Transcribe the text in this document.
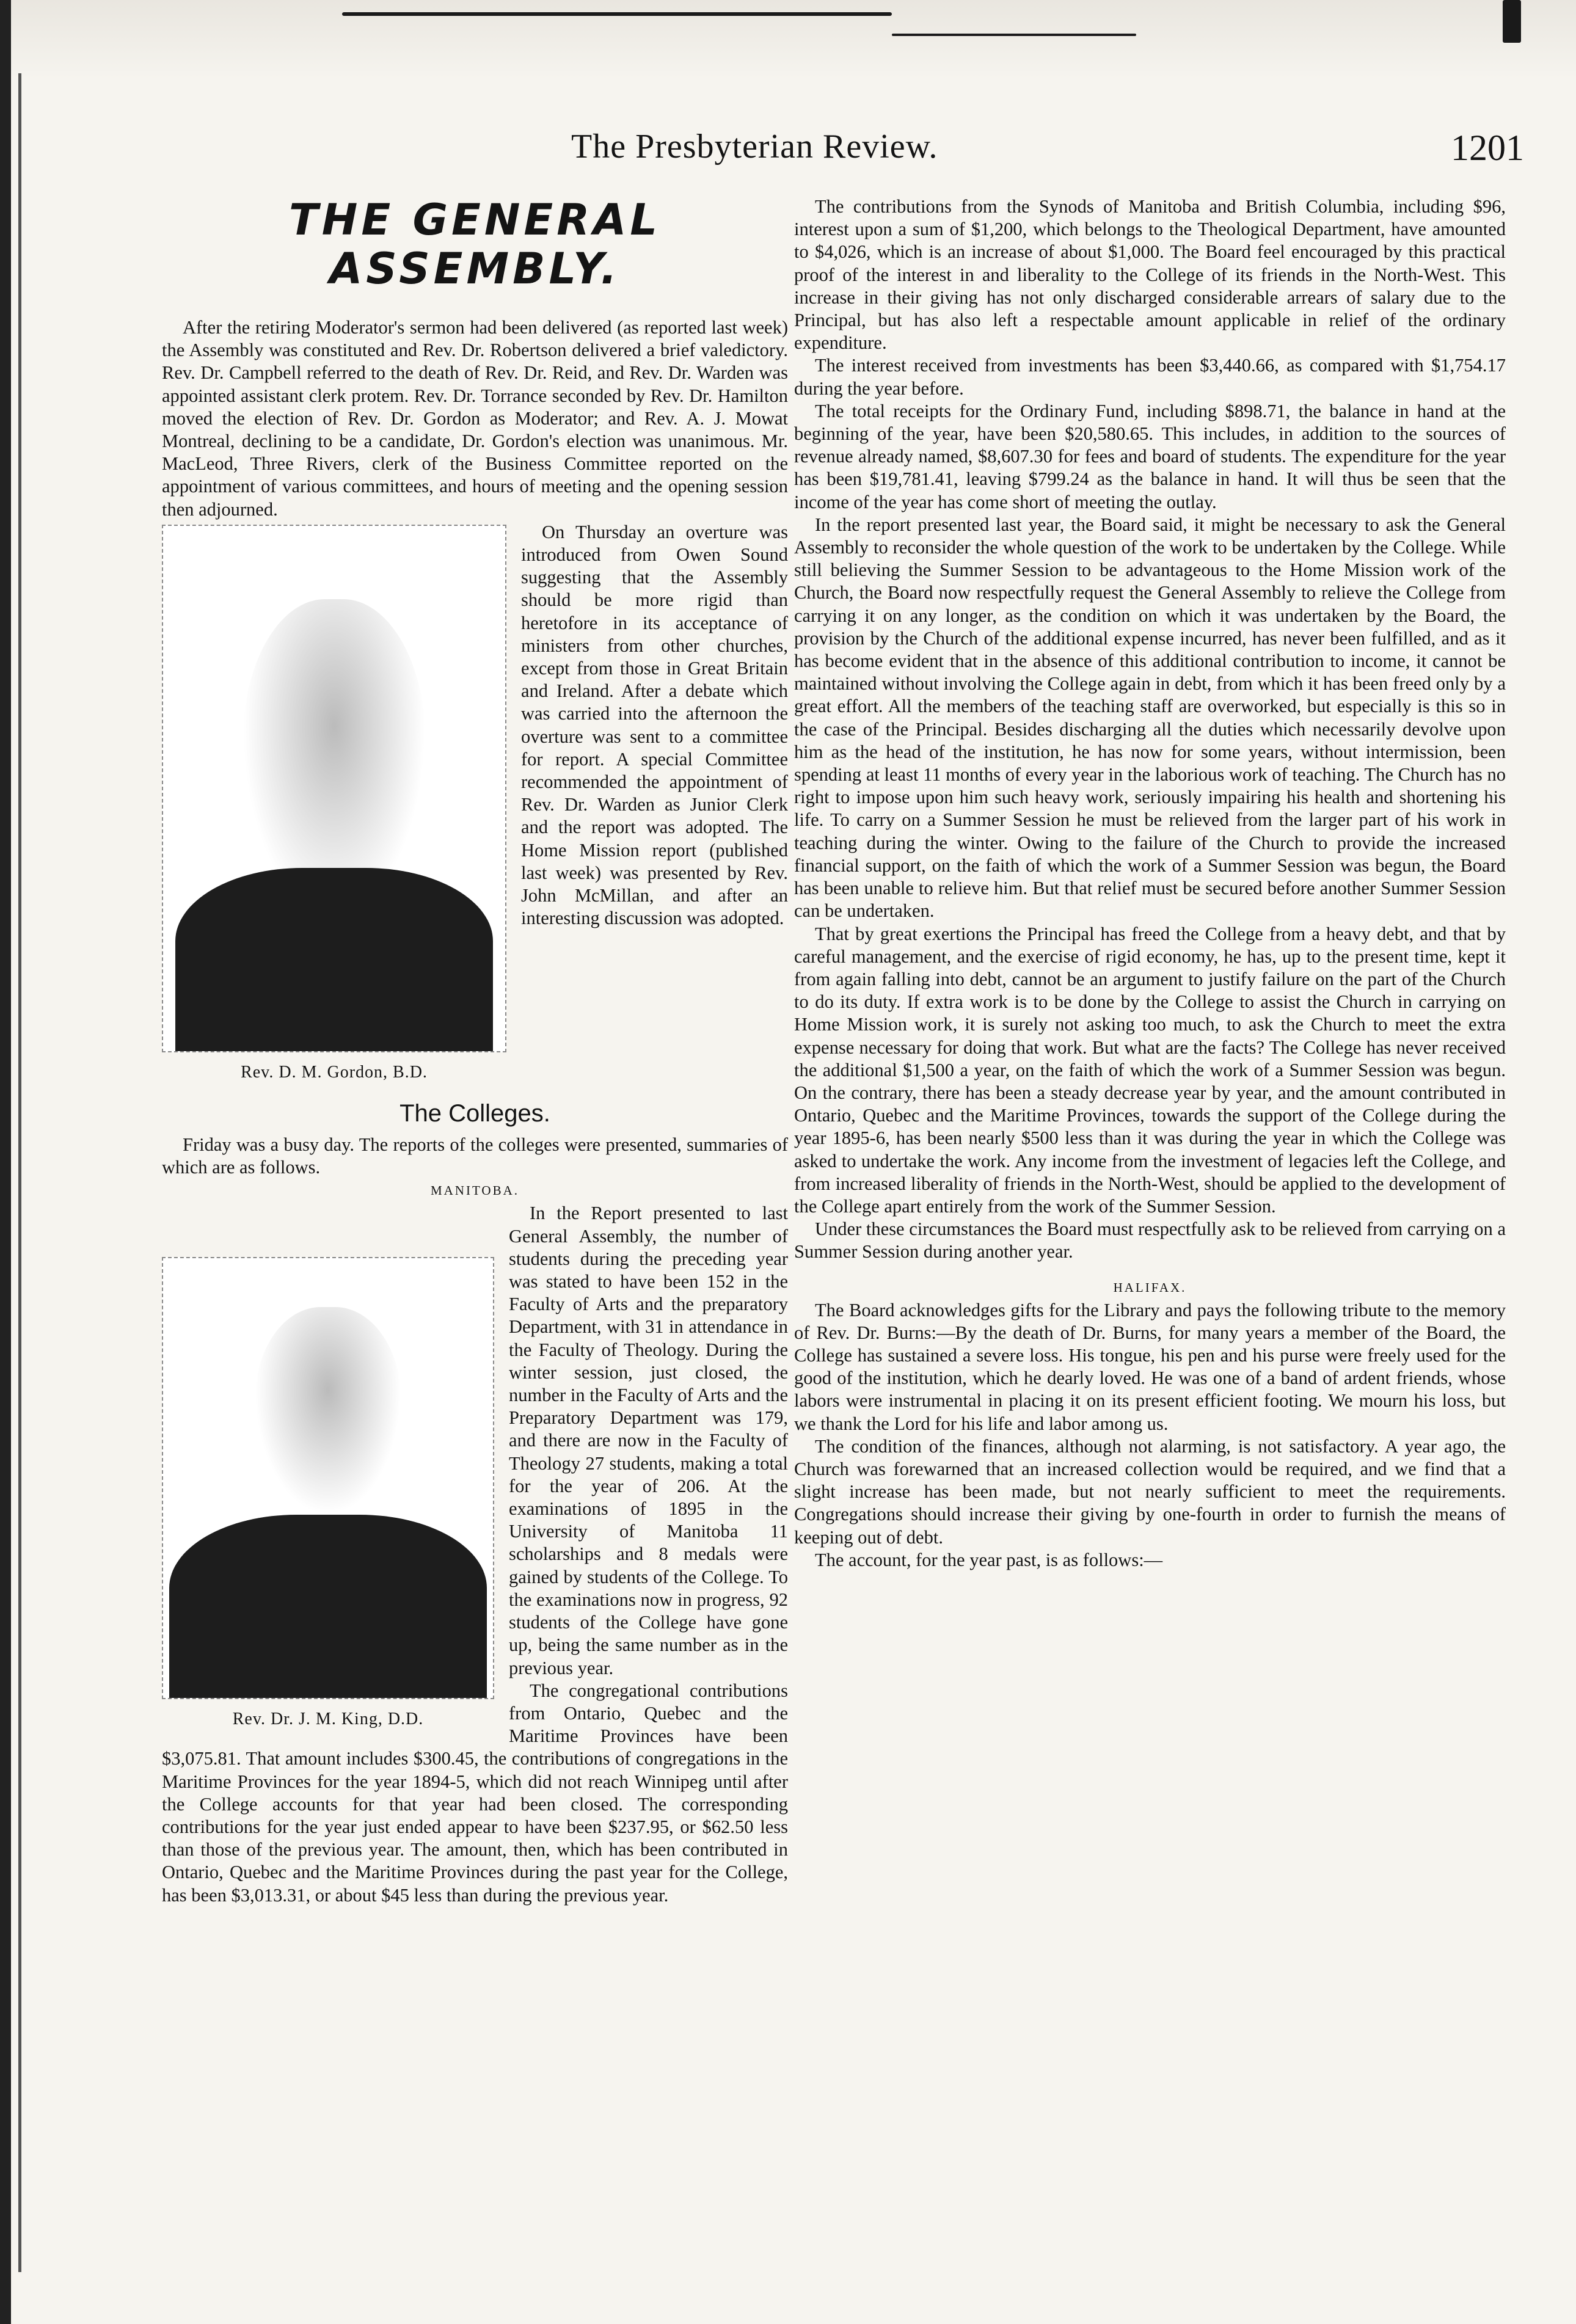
The Presbyterian Review.	1201
THE GENERAL ASSEMBLY.

After the retiring Moderator's sermon had been delivered (as reported last week) the Assembly was constituted and Rev. Dr. Robertson delivered a brief valedictory. Rev. Dr. Campbell referred to the death of Rev. Dr. Reid, and Rev. Dr. Warden was appointed assistant clerk protem. Rev. Dr. Torrance seconded by Rev. Dr. Hamilton moved the election of Rev. Dr. Gordon as Moderator; and Rev. A. J. Mowat Montreal, declining to be a candidate, Dr. Gordon's election was unanimous. Mr. MacLeod, Three Rivers, clerk of the Business Committee reported on the appointment of various committees, and hours of meeting and the opening session then adjourned.

Rev. D. M. Gordon, B.D.

On Thursday an overture was introduced from Owen Sound suggesting that the Assembly should be more rigid than heretofore in its acceptance of ministers from other churches, except from those in Great Britain and Ireland. After a debate which was carried into the afternoon the overture was sent to a committee for report. A special Committee recommended the appointment of Rev. Dr. Warden as Junior Clerk and the report was adopted. The Home Mission report (published last week) was presented by Rev. John McMillan, and after an interesting discussion was adopted.

The Colleges.

Friday was a busy day. The reports of the colleges were presented, summaries of which are as follows.

MANITOBA.
Rev. Dr. J. M. King, D.D.

In the Report presented to last General Assembly, the number of students during the preceding year was stated to have been 152 in the Faculty of Arts and the preparatory Department, with 31 in attendance in the Faculty of Theology. During the winter session, just closed, the number in the Faculty of Arts and the Preparatory Department was 179, and there are now in the Faculty of Theology 27 students, making a total for the year of 206. At the examinations of 1895 in the University of Manitoba 11 scholarships and 8 medals were gained by students of the College. To the examinations now in progress, 92 students of the College have gone up, being the same number as in the previous year.

The congregational contributions from Ontario, Quebec and the Maritime Provinces have been $3,075.81. That amount includes $300.45, the contributions of congregations in the Maritime Provinces for the year 1894-5, which did not reach Winnipeg until after the College accounts for that year had been closed. The corresponding contributions for the year just ended appear to have been $237.95, or $62.50 less than those of the previous year. The amount, then, which has been contributed in Ontario, Quebec and the Maritime Provinces during the past year for the College, has been $3,013.31, or about $45 less than during the previous year.

The contributions from the Synods of Manitoba and British Columbia, including $96, interest upon a sum of $1,200, which belongs to the Theological Department, have amounted to $4,026, which is an increase of about $1,000. The Board feel encouraged by this practical proof of the interest in and liberality to the College of its friends in the North-West. This increase in their giving has not only discharged considerable arrears of salary due to the Principal, but has also left a respectable amount applicable in relief of the ordinary expenditure.

The interest received from investments has been $3,440.66, as compared with $1,754.17 during the year before.

The total receipts for the Ordinary Fund, including $898.71, the balance in hand at the beginning of the year, have been $20,580.65. This includes, in addition to the sources of revenue already named, $8,607.30 for fees and board of students. The expenditure for the year has been $19,781.41, leaving $799.24 as the balance in hand. It will thus be seen that the income of the year has come short of meeting the outlay.

In the report presented last year, the Board said, it might be necessary to ask the General Assembly to reconsider the whole question of the work to be undertaken by the College. While still believing the Summer Session to be advantageous to the Home Mission work of the Church, the Board now respectfully request the General Assembly to relieve the College from carrying it on any longer, as the condition on which it was undertaken by the Board, the provision by the Church of the additional expense incurred, has never been fulfilled, and as it has become evident that in the absence of this additional contribution to income, it cannot be maintained without involving the College again in debt, from which it has been freed only by a great effort. All the members of the teaching staff are overworked, but especially is this so in the case of the Principal. Besides discharging all the duties which necessarily devolve upon him as the head of the institution, he has now for some years, without intermission, been spending at least 11 months of every year in the laborious work of teaching. The Church has no right to impose upon him such heavy work, seriously impairing his health and shortening his life. To carry on a Summer Session he must be relieved from the larger part of his work in teaching during the winter. Owing to the failure of the Church to provide the increased financial support, on the faith of which the work of a Summer Session was begun, the Board has been unable to relieve him. But that relief must be secured before another Summer Session can be undertaken.

That by great exertions the Principal has freed the College from a heavy debt, and that by careful management, and the exercise of rigid economy, he has, up to the present time, kept it from again falling into debt, cannot be an argument to justify failure on the part of the Church to do its duty. If extra work is to be done by the College to assist the Church in carrying on Home Mission work, it is surely not asking too much, to ask the Church to meet the extra expense necessary for doing that work. But what are the facts? The College has never received the additional $1,500 a year, on the faith of which the work of a Summer Session was begun. On the contrary, there has been a steady decrease year by year, and the amount contributed in Ontario, Quebec and the Maritime Provinces, towards the support of the College during the year 1895-6, has been nearly $500 less than it was during the year in which the College was asked to undertake the work. Any income from the investment of legacies left the College, and from increased liberality of friends in the North-West, should be applied to the development of the College apart entirely from the work of the Summer Session.

Under these circumstances the Board must respectfully ask to be relieved from carrying on a Summer Session during another year.

HALIFAX.

The Board acknowledges gifts for the Library and pays the following tribute to the memory of Rev. Dr. Burns:—By the death of Dr. Burns, for many years a member of the Board, the College has sustained a severe loss. His tongue, his pen and his purse were freely used for the good of the institution, which he dearly loved. He was one of a band of ardent friends, whose labors were instrumental in placing it on its present efficient footing. We mourn his loss, but we thank the Lord for his life and labor among us.

The condition of the finances, although not alarming, is not satisfactory. A year ago, the Church was forewarned that an increased collection would be required, and we find that a slight increase has been made, but not nearly sufficient to meet the requirements. Congregations should increase their giving by one-fourth in order to furnish the means of keeping out of debt.

The account, for the year past, is as follows:—
